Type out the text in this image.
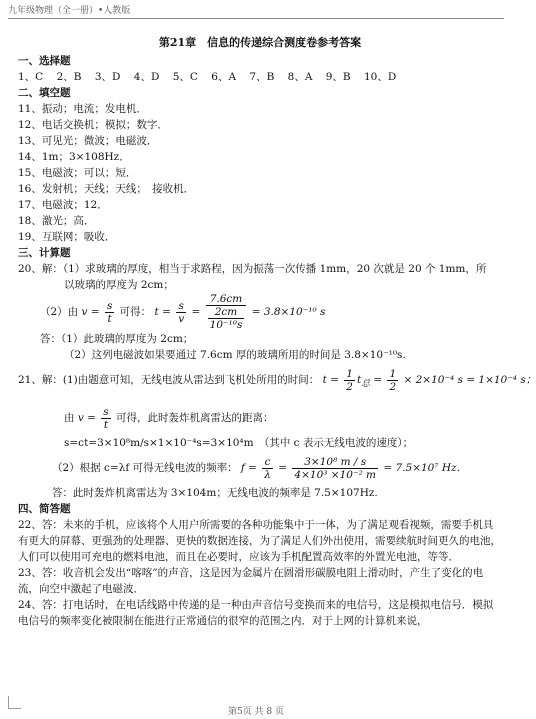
九年级物理（全一册）•人教版
第21章　信息的传递综合测度卷参考答案
一、选择题
1、C 2、B 3、D 4、D 5、C 6、A 7、B 8、A 9、B 10、D
二、填空题
11、振动；电流；发电机．
12、电话交换机；模拟；数字．
13、可见光；微波；电磁波．
14、1m；3×108Hz．
15、电磁波；可以；短．
16、发射机；天线；天线；　接收机．
17、电磁波；12．
18、激光；高．
19、互联网；吸收．
三、计算题
20、解：（1）求玻璃的厚度，相当于求路程，因为振荡一次传播 1mm，20 次就是 20 个 1mm，所
以玻璃的厚度为 2cm；
（2）由 $v = \frac{s}{t}$ 可得： $t = \frac{s}{v} = \frac{7.6cm}{\frac{2cm}{\text{10⁻¹⁰s}}} = 3.8\times 10^{-10}$ s
答：（1）此玻璃的厚度为 2cm；
（2）这列电磁波如果要通过 7.6cm 厚的玻璃所用的时间是 3.8×10⁻¹⁰s.
21、解：(1)由题意可知，无线电波从雷达到飞机处所用的时间： $t = \frac{1}{2} t_总 = \frac{1}{2} \times 2\times 10^{-4}$ s = 1×10⁻⁴ s；
由 $v = \frac{s}{t}$ 可得，此时轰炸机离雷达的距离：
s=ct=3×10⁸m/s×1×10⁻⁴s=3×10⁴m　（其中 c 表示无线电波的速度）；
（2）根据 c=λf 可得无线电波的频率： $f = \frac{c}{\lambda} = \frac{\text{3×10⁸ m / s}}{\text{4×10³ ×10⁻² m}} = 7.5\times 10^7$ Hz．
答：此时轰炸机离雷达为 3×104m；无线电波的频率是 7.5×107Hz.
四、简答题
22、答：未来的手机，应该将个人用户所需要的各种功能集中于一体，为了满足观看视频，需要手机具有更大的屏幕、更强劲的处理器、更快的数据连接，为了满足人们外出使用，需要续航时间更久的电池，人们可以使用可充电的燃料电池，而且在必要时，应该为手机配置高效率的外置光电池，等等．
23、答：收音机会发出“喀喀”的声音，这是因为金属片在圆滑形碳膜电阻上滑动时，产生了变化的电流，向空中激起了电磁波．
24、答：打电话时，在电话线路中传递的是一种由声音信号变换而来的电信号，这是模拟电信号．模拟电信号的频率变化被限制在能进行正常通信的很窄的范围之内．对于上网的计算机来说，
第5页 共 8 页
